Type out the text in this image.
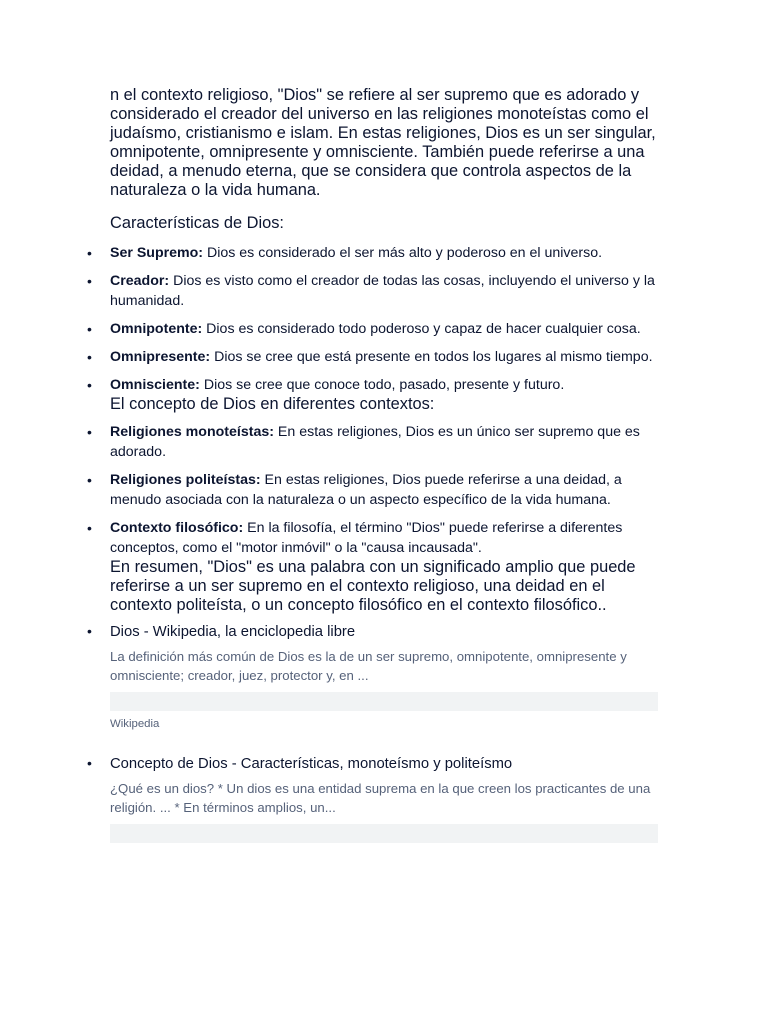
n el contexto religioso, "Dios" se refiere al ser supremo que es adorado y considerado el creador del universo en las religiones monoteístas como el judaísmo, cristianismo e islam. En estas religiones, Dios es un ser singular, omnipotente, omnipresente y omnisciente. También puede referirse a una deidad, a menudo eterna, que se considera que controla aspectos de la naturaleza o la vida humana.

Características de Dios:
• Ser Supremo: Dios es considerado el ser más alto y poderoso en el universo.
• Creador: Dios es visto como el creador de todas las cosas, incluyendo el universo y la humanidad.
• Omnipotente: Dios es considerado todo poderoso y capaz de hacer cualquier cosa.
• Omnipresente: Dios se cree que está presente en todos los lugares al mismo tiempo.
• Omnisciente: Dios se cree que conoce todo, pasado, presente y futuro.
El concepto de Dios en diferentes contextos:
• Religiones monoteístas: En estas religiones, Dios es un único ser supremo que es adorado.
• Religiones politeístas: En estas religiones, Dios puede referirse a una deidad, a menudo asociada con la naturaleza o un aspecto específico de la vida humana.
• Contexto filosófico: En la filosofía, el término "Dios" puede referirse a diferentes conceptos, como el "motor inmóvil" o la "causa incausada".

En resumen, "Dios" es una palabra con un significado amplio que puede referirse a un ser supremo en el contexto religioso, una deidad en el contexto politeísta, o un concepto filosófico en el contexto filosófico..

• Dios - Wikipedia, la enciclopedia libre
La definición más común de Dios es la de un ser supremo, omnipotente, omnipresente y omnisciente; creador, juez, protector y, en ...
Wikipedia
• Concepto de Dios - Características, monoteísmo y politeísmo
¿Qué es un dios? * Un dios es una entidad suprema en la que creen los practicantes de una religión. ... * En términos amplios, un...
